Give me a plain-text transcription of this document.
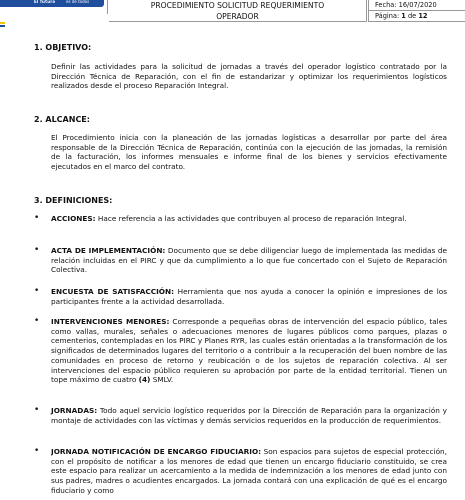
El futuro	es de todos	PROCEDIMIENTO SOLICITUD REQUERIMIENTO
OPERADOR
Fecha: 16/07/2020
Página: 1 de 12
1. OBJETIVO:
Definir las actividades para la solicitud de jornadas a través del operador logístico contratado por la Dirección Técnica de Reparación, con el fin de estandarizar y optimizar los requerimientos logísticos realizados desde el proceso Reparación Integral.
2. ALCANCE:
El Procedimiento inicia con la planeación de las jornadas logísticas a desarrollar por parte del área responsable de la Dirección Técnica de Reparación, continúa con la ejecución de las jornadas, la remisión de la facturación, los informes mensuales e informe final de los bienes y servicios efectivamente ejecutados en el marco del contrato.
3. DEFINICIONES:
• ACCIONES: Hace referencia a las actividades que contribuyen al proceso de reparación Integral.
• ACTA DE IMPLEMENTACIÓN: Documento que se debe diligenciar luego de implementada las medidas de relación incluidas en el PIRC y que da cumplimiento a lo que fue concertado con el Sujeto de Reparación Colectiva.
• ENCUESTA DE SATISFACCIÓN: Herramienta que nos ayuda a conocer la opinión e impresiones de los participantes frente a la actividad desarrollada.
• INTERVENCIONES MENORES: Corresponde a pequeñas obras de intervención del espacio público, tales como vallas, murales, señales o adecuaciones menores de lugares públicos como parques, plazas o cementerios, contempladas en los PIRC y Planes RYR, las cuales están orientadas a la transformación de los significados de determinados lugares del territorio o a contribuir a la recuperación del buen nombre de las comunidades en proceso de retorno y reubicación o de los sujetos de reparación colectiva. Al ser intervenciones del espacio público requieren su aprobación por parte de la entidad territorial. Tienen un tope máximo de cuatro (4) SMLV.
• JORNADAS: Todo aquel servicio logístico requeridos por la Dirección de Reparación para la organización y montaje de actividades con las víctimas y demás servicios requeridos en la producción de requerimientos.
• JORNADA NOTIFICACIÓN DE ENCARGO FIDUCIARIO: Son espacios para sujetos de especial protección, con el propósito de notificar a los menores de edad que tienen un encargo fiduciario constituido, se crea este espacio para realizar un acercamiento a la medida de indemnización a los menores de edad junto con sus padres, madres o acudientes encargados. La jornada contará con una explicación de qué es el encargo fiduciario y como
